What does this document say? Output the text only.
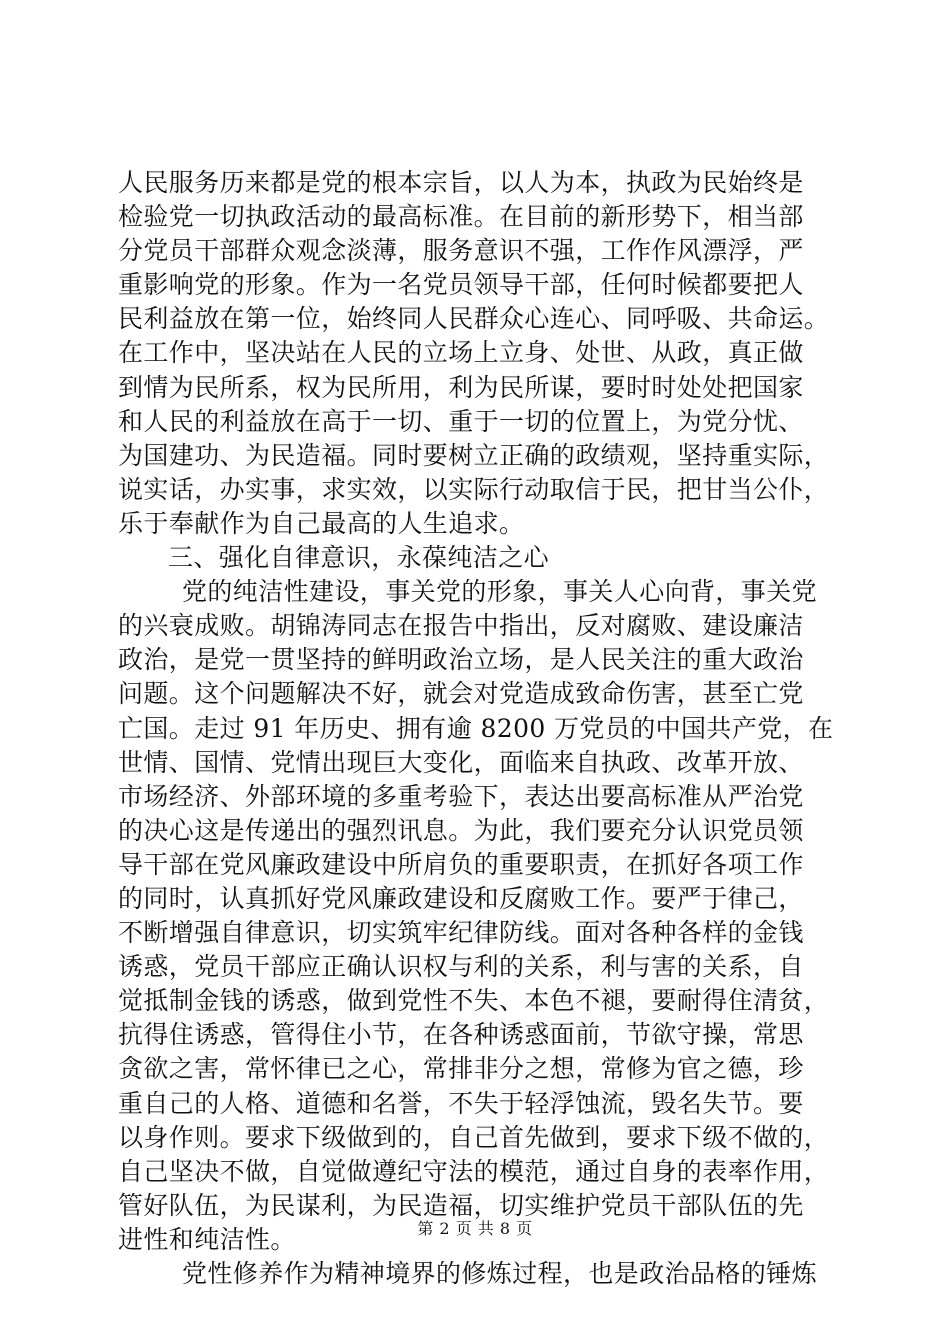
人民服务历来都是党的根本宗旨，以人为本，执政为民始终是
检验党一切执政活动的最高标准。在目前的新形势下，相当部
分党员干部群众观念淡薄，服务意识不强，工作作风漂浮，严
重影响党的形象。作为一名党员领导干部，任何时候都要把人
民利益放在第一位，始终同人民群众心连心、同呼吸、共命运。
在工作中，坚决站在人民的立场上立身、处世、从政，真正做
到情为民所系，权为民所用，利为民所谋，要时时处处把国家
和人民的利益放在高于一切、重于一切的位置上，为党分忧、
为国建功、为民造福。同时要树立正确的政绩观，坚持重实际，
说实话，办实事，求实效，以实际行动取信于民，把甘当公仆，
乐于奉献作为自己最高的人生追求。
三、强化自律意识，永葆纯洁之心
党的纯洁性建设，事关党的形象，事关人心向背，事关党
的兴衰成败。胡锦涛同志在报告中指出，反对腐败、建设廉洁
政治，是党一贯坚持的鲜明政治立场，是人民关注的重大政治
问题。这个问题解决不好，就会对党造成致命伤害，甚至亡党
亡国。走过 91 年历史、拥有逾 8200 万党员的中国共产党，在
世情、国情、党情出现巨大变化，面临来自执政、改革开放、
市场经济、外部环境的多重考验下，表达出要高标准从严治党
的决心这是传递出的强烈讯息。为此，我们要充分认识党员领
导干部在党风廉政建设中所肩负的重要职责，在抓好各项工作
的同时，认真抓好党风廉政建设和反腐败工作。要严于律己，
不断增强自律意识，切实筑牢纪律防线。面对各种各样的金钱
诱惑，党员干部应正确认识权与利的关系，利与害的关系，自
觉抵制金钱的诱惑，做到党性不失、本色不褪，要耐得住清贫，
抗得住诱惑，管得住小节，在各种诱惑面前，节欲守操，常思
贪欲之害，常怀律已之心，常排非分之想，常修为官之德，珍
重自己的人格、道德和名誉，不失于轻浮蚀流，毁名失节。要
以身作则。要求下级做到的，自己首先做到，要求下级不做的，
自己坚决不做，自觉做遵纪守法的模范，通过自身的表率作用，
管好队伍，为民谋利，为民造福，切实维护党员干部队伍的先
进性和纯洁性。
党性修养作为精神境界的修炼过程，也是政治品格的锤炼
第 2 页 共 8 页
